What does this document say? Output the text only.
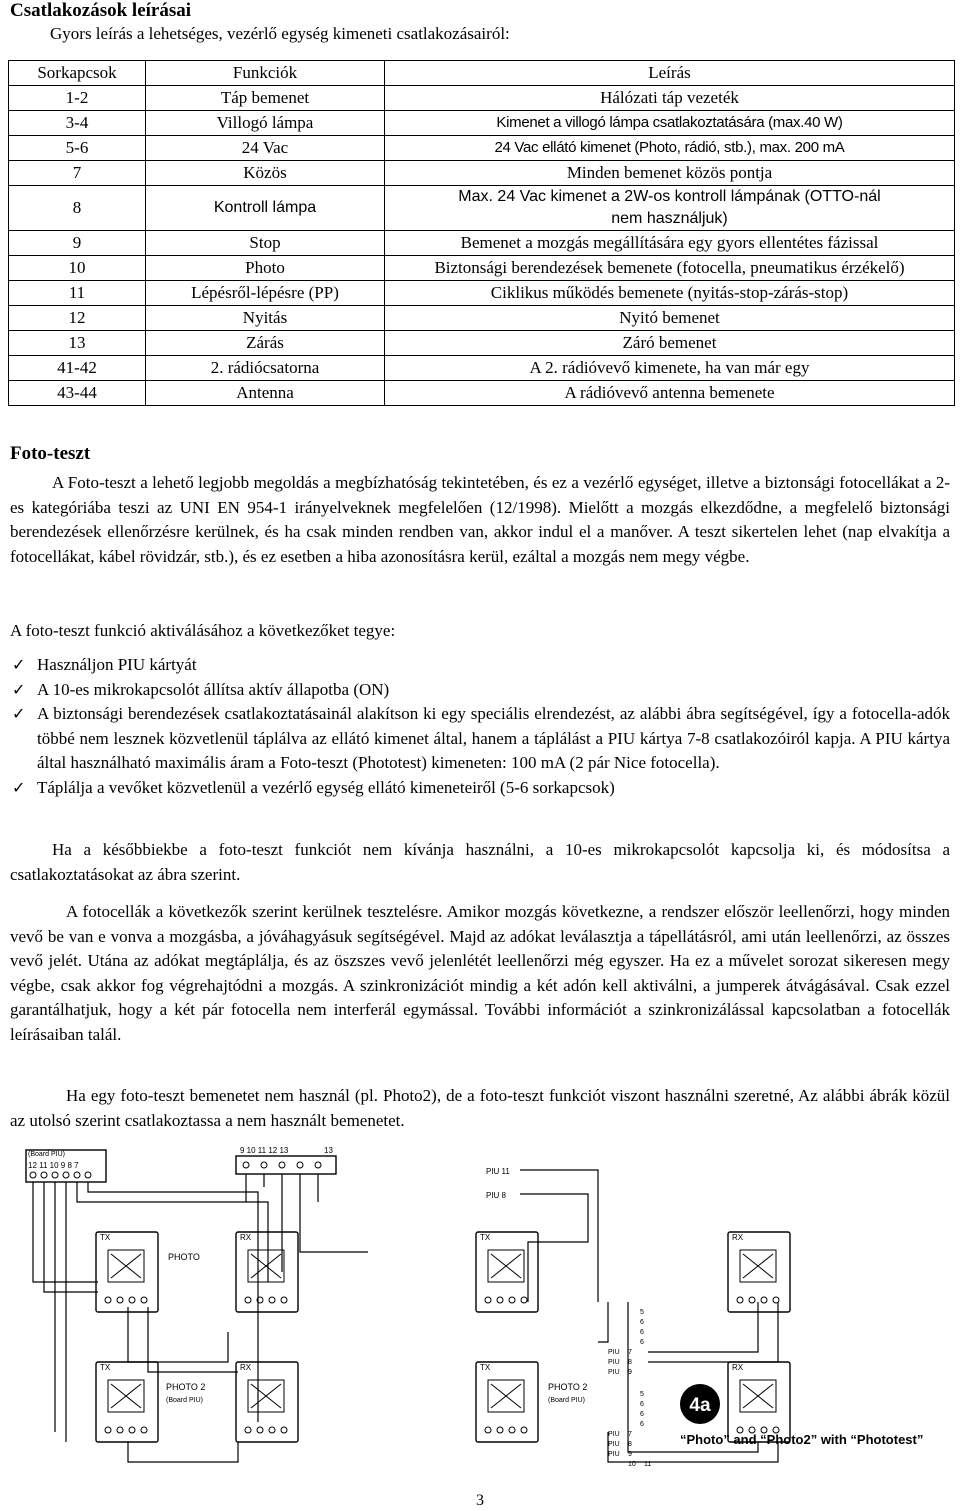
Csatlakozások leírásai
Gyors leírás a lehetséges, vezérlő egység kimeneti csatlakozásairól:
Sorkapcsok	Funkciók	Leírás
1-2	Táp bemenet	Hálózati táp vezeték
3-4	Villogó lámpa	Kimenet a villogó lámpa csatlakoztatására (max.40 W)
5-6	24 Vac	24 Vac ellátó kimenet (Photo, rádió, stb.), max. 200 mA
7	Közös	Minden bemenet közös pontja
8	Kontroll lámpa	Max. 24 Vac kimenet a 2W-os kontroll lámpának (OTTO-nál nem használjuk)
9	Stop	Bemenet a mozgás megállítására egy gyors ellentétes fázissal
10	Photo	Biztonsági berendezések bemenete (fotocella, pneumatikus érzékelő)
11	Lépésről-lépésre (PP)	Ciklikus működés bemenete (nyitás-stop-zárás-stop)
12	Nyitás	Nyitó bemenet
13	Zárás	Záró bemenet
41-42	2. rádiócsatorna	A 2. rádióvevő kimenete, ha van már egy
43-44	Antenna	A rádióvevő antenna bemenete
Foto-teszt

A Foto-teszt a lehető legjobb megoldás a megbízhatóság tekintetében, és ez a vezérlő egységet, illetve a biztonsági fotocellákat a 2-es kategóriába teszi az UNI EN 954-1 irányelveknek megfelelően (12/1998). Mielőtt a mozgás elkezdődne, a megfelelő biztonsági berendezések ellenőrzésre kerülnek, és ha csak minden rendben van, akkor indul el a manőver. A teszt sikertelen lehet (nap elvakítja a fotocellákat, kábel rövidzár, stb.), és ez esetben a hiba azonosításra kerül, ezáltal a mozgás nem megy végbe.

A foto-teszt funkció aktiválásához a következőket tegye:

✓ Használjon PIU kártyát
✓ A 10-es mikrokapcsolót állítsa aktív állapotba (ON)
✓ A biztonsági berendezések csatlakoztatásainál alakítson ki egy speciális elrendezést, az alábbi ábra segítségével, így a fotocella-adók többé nem lesznek közvetlenül táplálva az ellátó kimenet által, hanem a táplálást a PIU kártya 7-8 csatlakozóiról kapja. A PIU kártya által használható maximális áram a Foto-teszt (Phototest) kimeneten: 100 mA (2 pár Nice fotocella).
✓ Táplálja a vevőket közvetlenül a vezérlő egység ellátó kimeneteiről (5-6 sorkapcsok)

Ha a későbbiekbe a foto-teszt funkciót nem kívánja használni, a 10-es mikrokapcsolót kapcsolja ki, és módosítsa a csatlakoztatásokat az ábra szerint.

A fotocellák a következők szerint kerülnek tesztelésre. Amikor mozgás következne, a rendszer először leellenőrzi, hogy minden vevő be van e vonva a mozgásba, a jóváhagyásuk segítségével. Majd az adókat leválasztja a tápellátásról, ami után leellenőrzi, az összes vevő jelét. Utána az adókat megtáplálja, és az öszszes vevő jelenlétét leellenőrzi még egyszer. Ha ez a művelet sorozat sikeresen megy végbe, csak akkor fog végrehajtódni a mozgás. A szinkronizációt mindig a két adón kell aktiválni, a jumperek átvágásával. Csak ezzel garantálhatjuk, hogy a két pár fotocella nem interferál egymással. További információt a szinkronizálással kapcsolatban a fotocellák leírásaiban talál.

Ha egy foto-teszt bemenetet nem használ (pl. Photo2), de a foto-teszt funkciót viszont használni szeretné, Az alábbi ábrák közül az utolsó szerint csatlakoztassa a nem használt bemenetet.

(Board PIU)
12 11 10 9 8 7
9 10 11 12 13	13
TX
PHOTO
RX
TX
PHOTO 2
(Board PIU)
RX
PIU 11
PIU 8
TX	RX
5
6
6
6
PIU 7
PIU 8
PIU 9
TX
PHOTO 2
(Board PIU)
RX
5
6
6
6
PIU 7
PIU 8
PIU 9
10 11
4a
“Photo” and “Photo2” with “Phototest”
3
